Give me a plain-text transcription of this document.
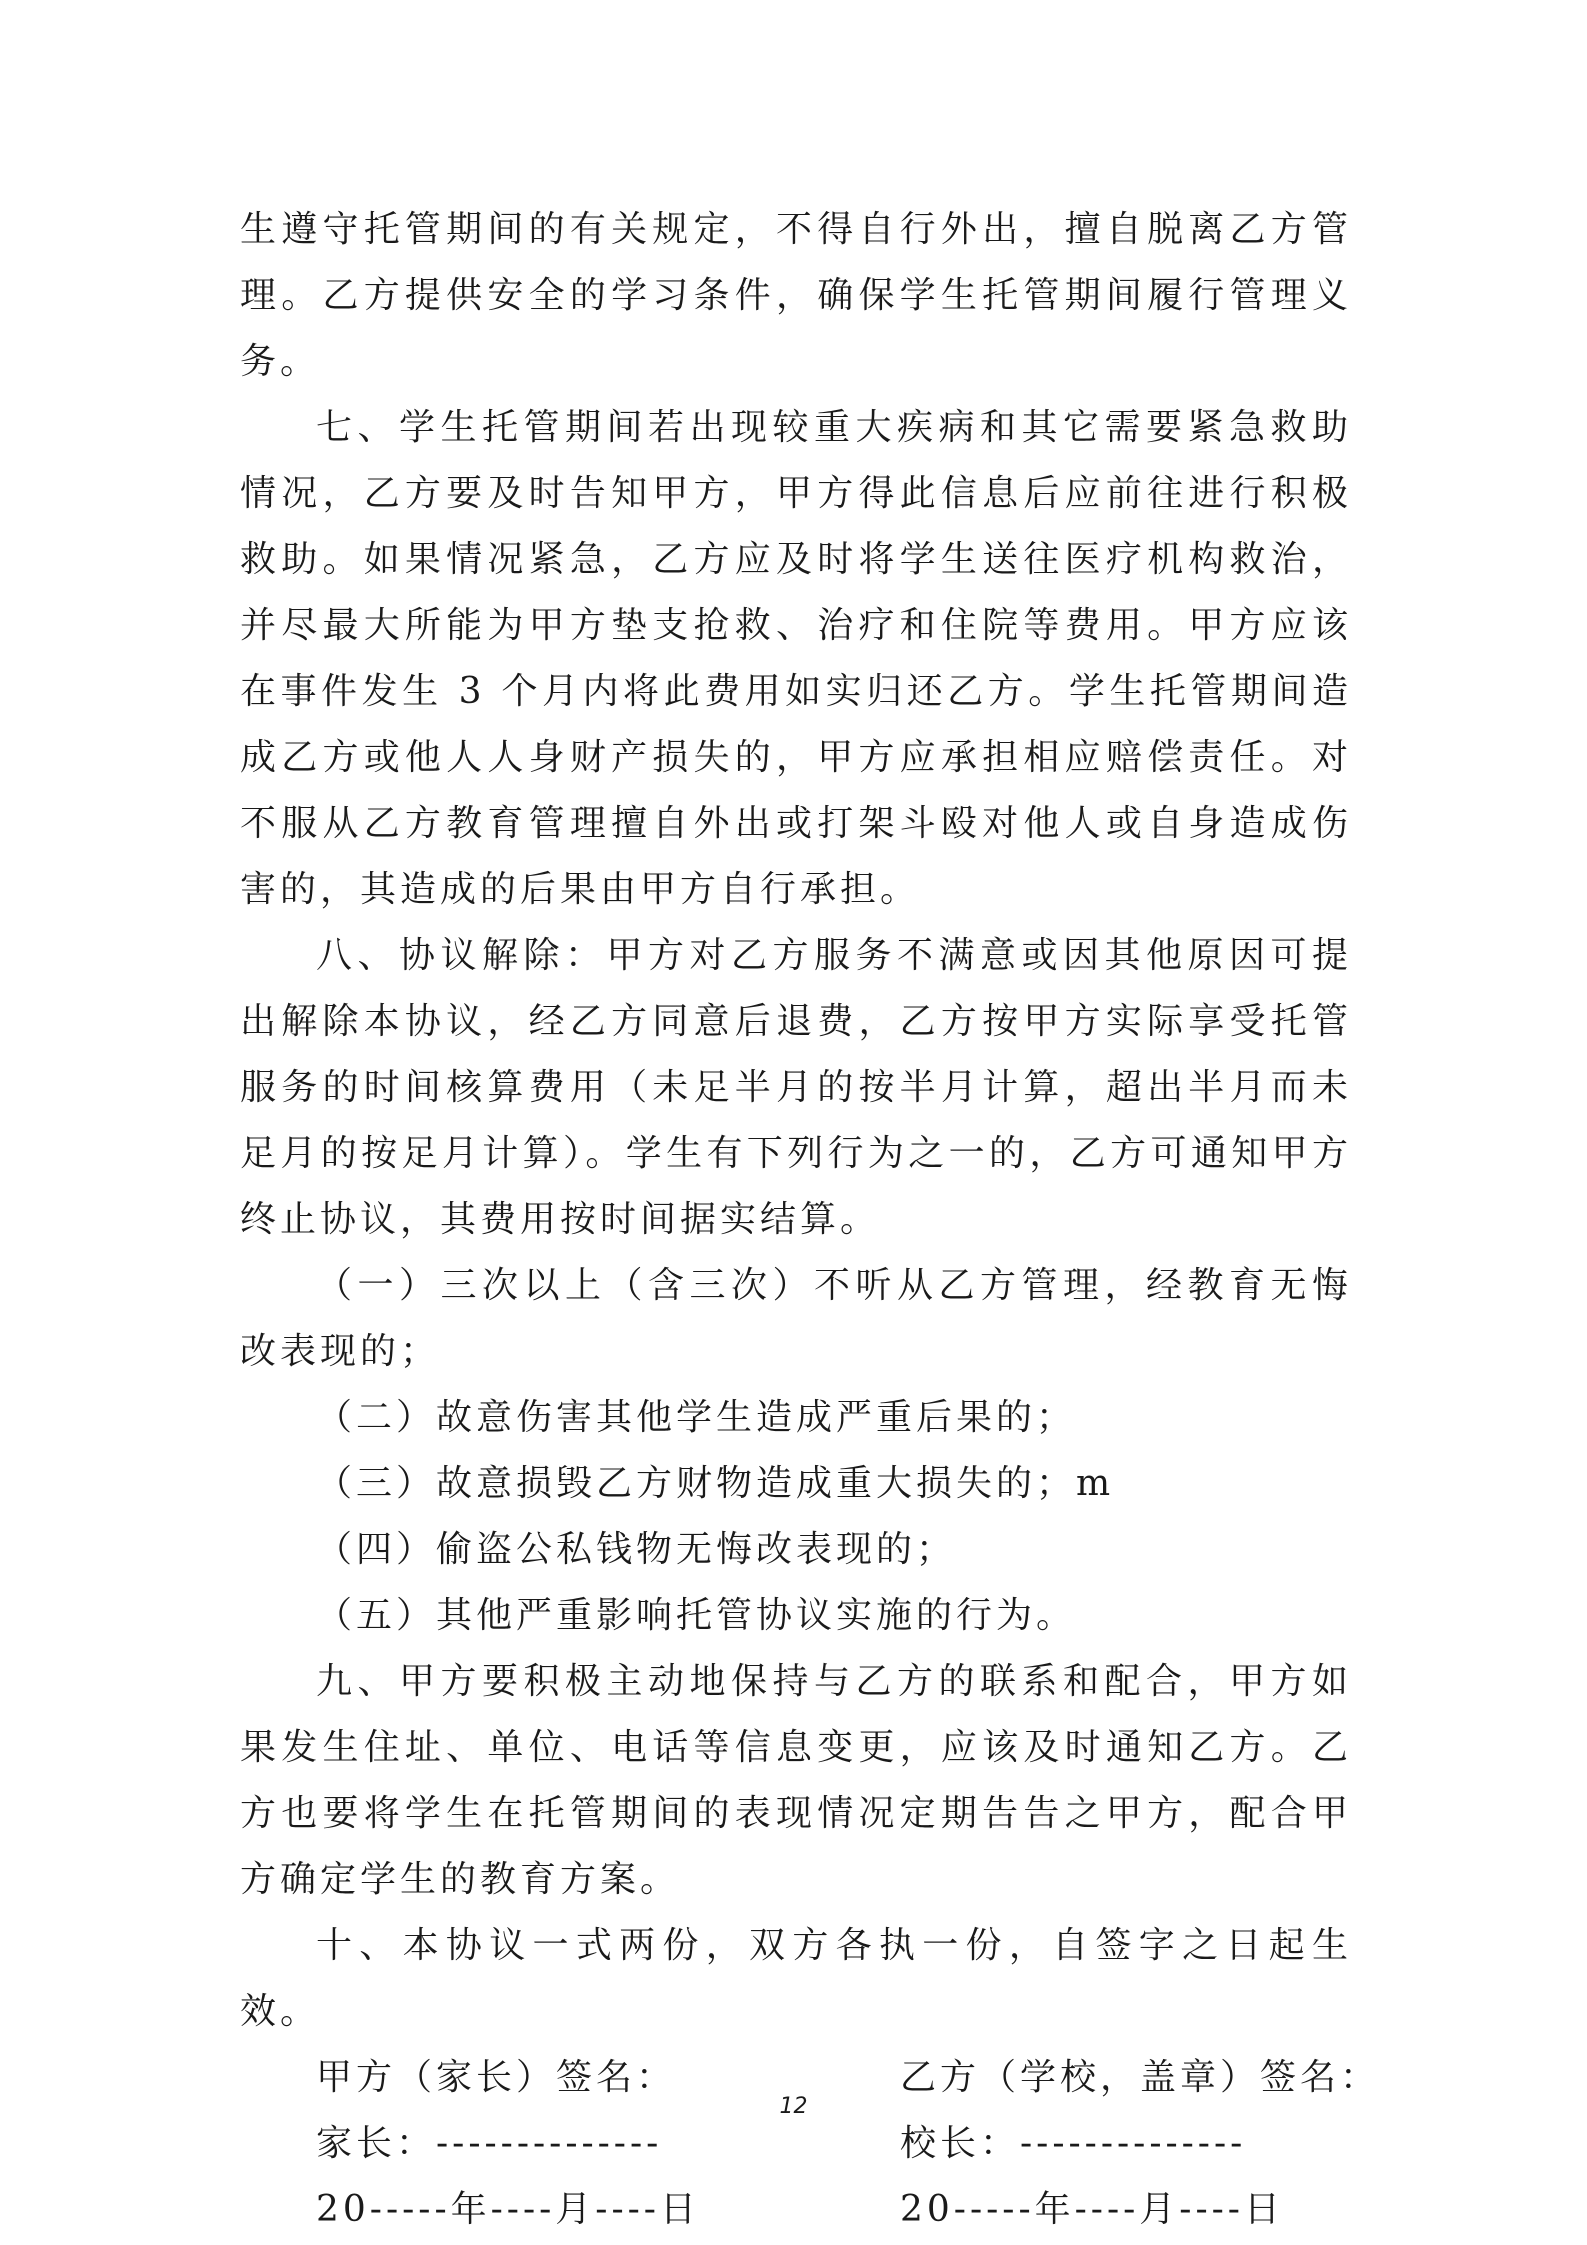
生遵守托管期间的有关规定，不得自行外出，擅自脱离乙方管理。乙方提供安全的学习条件，确保学生托管期间履行管理义务。

七、学生托管期间若出现较重大疾病和其它需要紧急救助情况，乙方要及时告知甲方，甲方得此信息后应前往进行积极救助。如果情况紧急，乙方应及时将学生送往医疗机构救治，并尽最大所能为甲方垫支抢救、治疗和住院等费用。甲方应该在事件发生 3 个月内将此费用如实归还乙方。学生托管期间造成乙方或他人人身财产损失的，甲方应承担相应赔偿责任。对不服从乙方教育管理擅自外出或打架斗殴对他人或自身造成伤害的，其造成的后果由甲方自行承担。

八、协议解除：甲方对乙方服务不满意或因其他原因可提出解除本协议，经乙方同意后退费，乙方按甲方实际享受托管服务的时间核算费用（未足半月的按半月计算，超出半月而未足月的按足月计算）。学生有下列行为之一的，乙方可通知甲方终止协议，其费用按时间据实结算。

（一）三次以上（含三次）不听从乙方管理，经教育无悔改表现的；

（二）故意伤害其他学生造成严重后果的；

（三）故意损毁乙方财物造成重大损失的；m

（四）偷盗公私钱物无悔改表现的；

（五）其他严重影响托管协议实施的行为。

九、甲方要积极主动地保持与乙方的联系和配合，甲方如果发生住址、单位、电话等信息变更，应该及时通知乙方。乙方也要将学生在托管期间的表现情况定期告告之甲方，配合甲方确定学生的教育方案。

十、本协议一式两份，双方各执一份，自签字之日起生效。

甲方（家长）签名：	乙方（学校，盖章）签名：
家长：--------------	校长：--------------
20-----年----月----日	20-----年----月----日
12
